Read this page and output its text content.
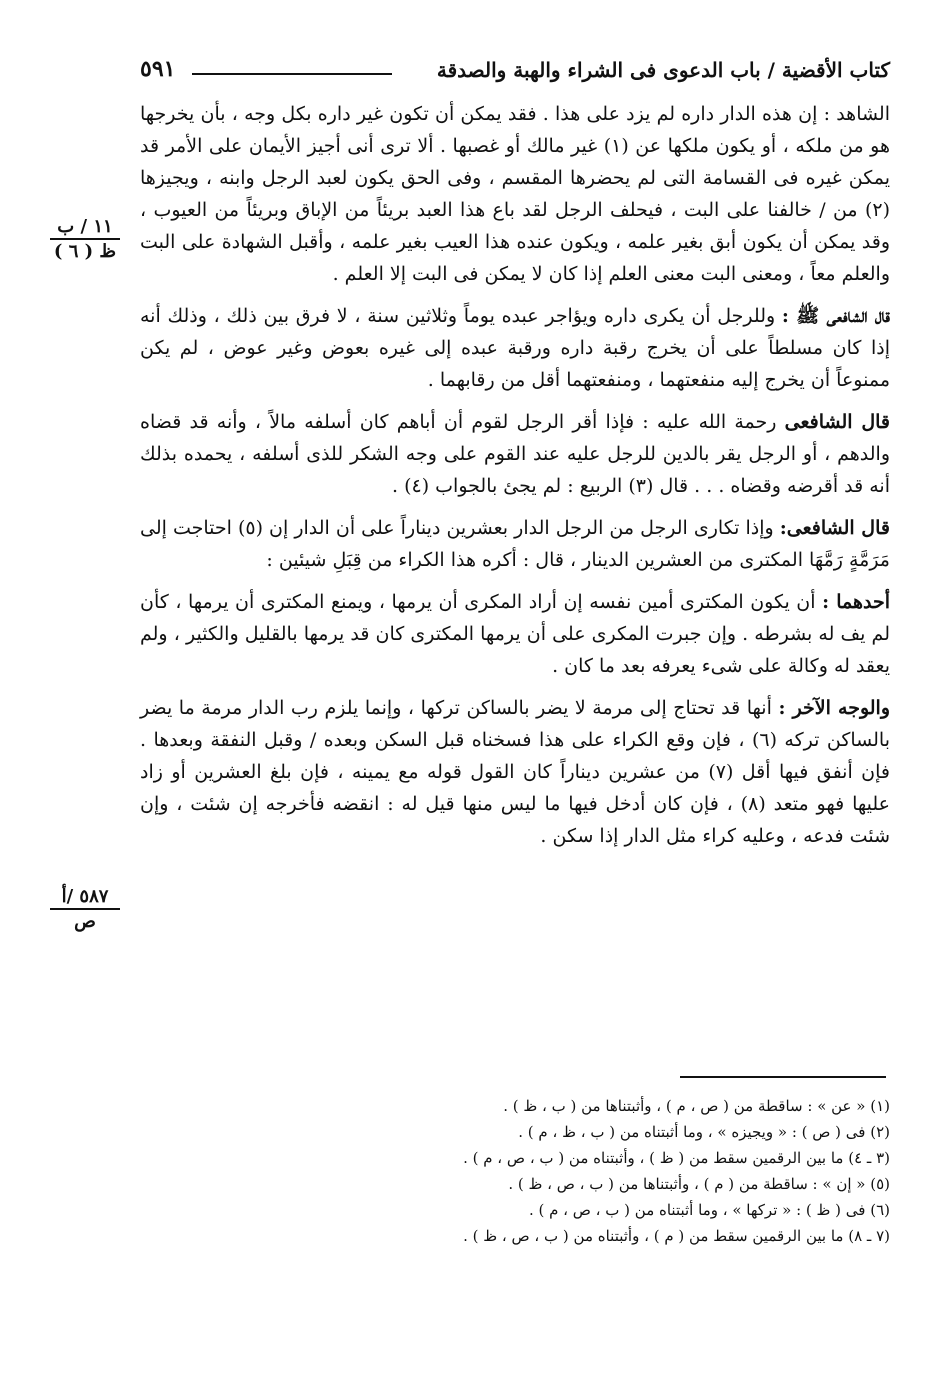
كتاب الأقضية / باب الدعوى فى الشراء والهبة والصدقة
٥٩١
١١ / ب
ظ ( ٦ )
٥٨٧ /أ
ص

الشاهد : إن هذه الدار داره لم يزد على هذا . فقد يمكن أن تكون غير داره بكل وجه ، بأن يخرجها هو من ملكه ، أو يكون ملكها عن (١) غير مالك أو غصبها . ألا ترى أنى أجيز الأيمان على الأمر قد يمكن غيره فى القسامة التى لم يحضرها المقسم ، وفى الحق يكون لعبد الرجل وابنه ، ويجيزها (٢) من / خالفنا على البت ، فيحلف الرجل لقد باع هذا العبد بريئاً من الإباق وبريئاً من العيوب ، وقد يمكن أن يكون أبق بغير علمه ، ويكون عنده هذا العيب بغير علمه ، وأقبل الشهادة على البت والعلم معاً ، ومعنى البت معنى العلم إذا كان لا يمكن فى البت إلا العلم .

قال الشافعى ﷺ : وللرجل أن يكرى داره ويؤاجر عبده يوماً وثلاثين سنة ، لا فرق بين ذلك ، وذلك أنه إذا كان مسلطاً على أن يخرج رقبة داره ورقبة عبده إلى غيره بعوض وغير عوض ، لم يكن ممنوعاً أن يخرج إليه منفعتهما ، ومنفعتهما أقل من رقابهما .

قال الشافعى رحمة الله عليه : فإذا أقر الرجل لقوم أن أباهم كان أسلفه مالاً ، وأنه قد قضاه والدهم ، أو الرجل يقر بالدين للرجل عليه عند القوم على وجه الشكر للذى أسلفه ، يحمده بذلك أنه قد أقرضه وقضاه . . . قال (٣) الربيع : لم يجئ بالجواب (٤) .

قال الشافعى: وإذا تكارى الرجل من الرجل الدار بعشرين ديناراً على أن الدار إن (٥) احتاجت إلى مَرَمَّةٍ رَمَّهَا المكترى من العشرين الدينار ، قال : أكره هذا الكراء من قِبَلِ شيئين :

أحدهما : أن يكون المكترى أمين نفسه إن أراد المكرى أن يرمها ، ويمنع المكترى أن يرمها ، كأن لم يف له بشرطه . وإن جبرت المكرى على أن يرمها المكترى كان قد يرمها بالقليل والكثير ، ولم يعقد له وكالة على شىء يعرفه بعد ما كان .

والوجه الآخر : أنها قد تحتاج إلى مرمة لا يضر بالساكن تركها ، وإنما يلزم رب الدار مرمة ما يضر بالساكن تركه (٦) ، فإن وقع الكراء على هذا فسخناه قبل السكن وبعده / وقبل النفقة وبعدها . فإن أنفق فيها أقل (٧) من عشرين ديناراً كان القول قوله مع يمينه ، فإن بلغ العشرين أو زاد عليها فهو متعد (٨) ، فإن كان أدخل فيها ما ليس منها قيل له : انقضه فأخرجه إن شئت ، وإن شئت فدعه ، وعليه كراء مثل الدار إذا سكن .

(١) « عن » : ساقطة من ( ص ، م ) ، وأثبتناها من ( ب ، ظ ) .
(٢) فى ( ص ) : « ويجيزه » ، وما أثبتناه من ( ب ، ظ ، م ) .
(٣ ـ ٤) ما بين الرقمين سقط من ( ظ ) ، وأثبتناه من ( ب ، ص ، م ) .
(٥) « إن » : ساقطة من ( م ) ، وأثبتناها من ( ب ، ص ، ظ ) .
(٦) فى ( ظ ) : « تركها » ، وما أثبتناه من ( ب ، ص ، م ) .
(٧ ـ ٨) ما بين الرقمين سقط من ( م ) ، وأثبتناه من ( ب ، ص ، ظ ) .
